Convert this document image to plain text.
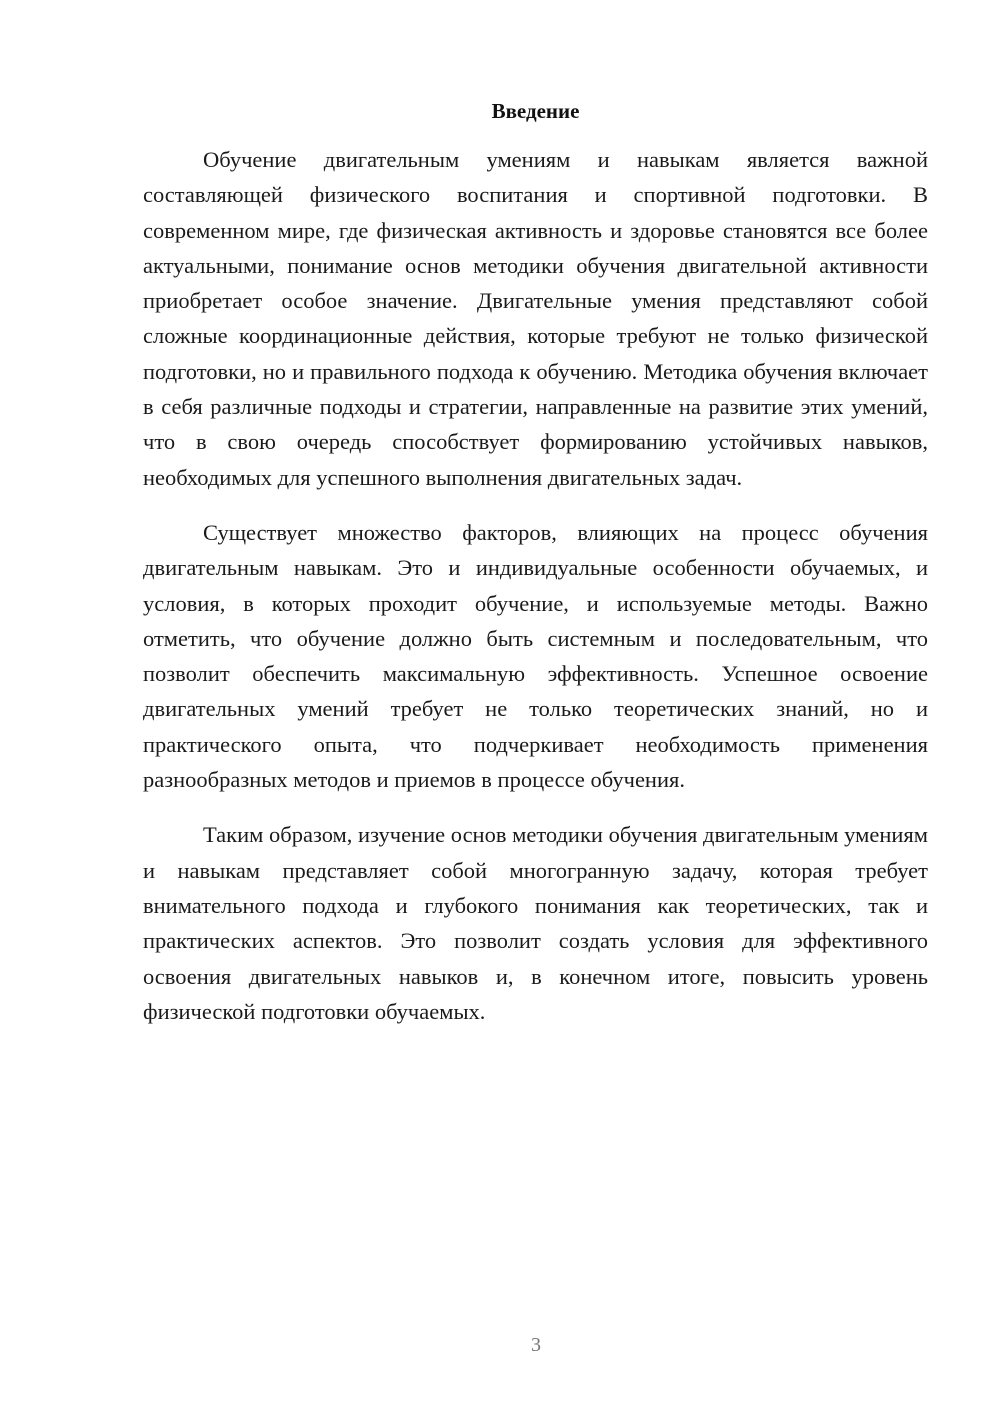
Введение

Обучение двигательным умениям и навыкам является важной составляющей физического воспитания и спортивной подготовки. В современном мире, где физическая активность и здоровье становятся все более актуальными, понимание основ методики обучения двигательной активности приобретает особое значение. Двигательные умения представляют собой сложные координационные действия, которые требуют не только физической подготовки, но и правильного подхода к обучению. Методика обучения включает в себя различные подходы и стратегии, направленные на развитие этих умений, что в свою очередь способствует формированию устойчивых навыков, необходимых для успешного выполнения двигательных задач.

Существует множество факторов, влияющих на процесс обучения двигательным навыкам. Это и индивидуальные особенности обучаемых, и условия, в которых проходит обучение, и используемые методы. Важно отметить, что обучение должно быть системным и последовательным, что позволит обеспечить максимальную эффективность. Успешное освоение двигательных умений требует не только теоретических знаний, но и практического опыта, что подчеркивает необходимость применения разнообразных методов и приемов в процессе обучения.

Таким образом, изучение основ методики обучения двигательным умениям и навыкам представляет собой многогранную задачу, которая требует внимательного подхода и глубокого понимания как теоретических, так и практических аспектов. Это позволит создать условия для эффективного освоения двигательных навыков и, в конечном итоге, повысить уровень физической подготовки обучаемых.

3
